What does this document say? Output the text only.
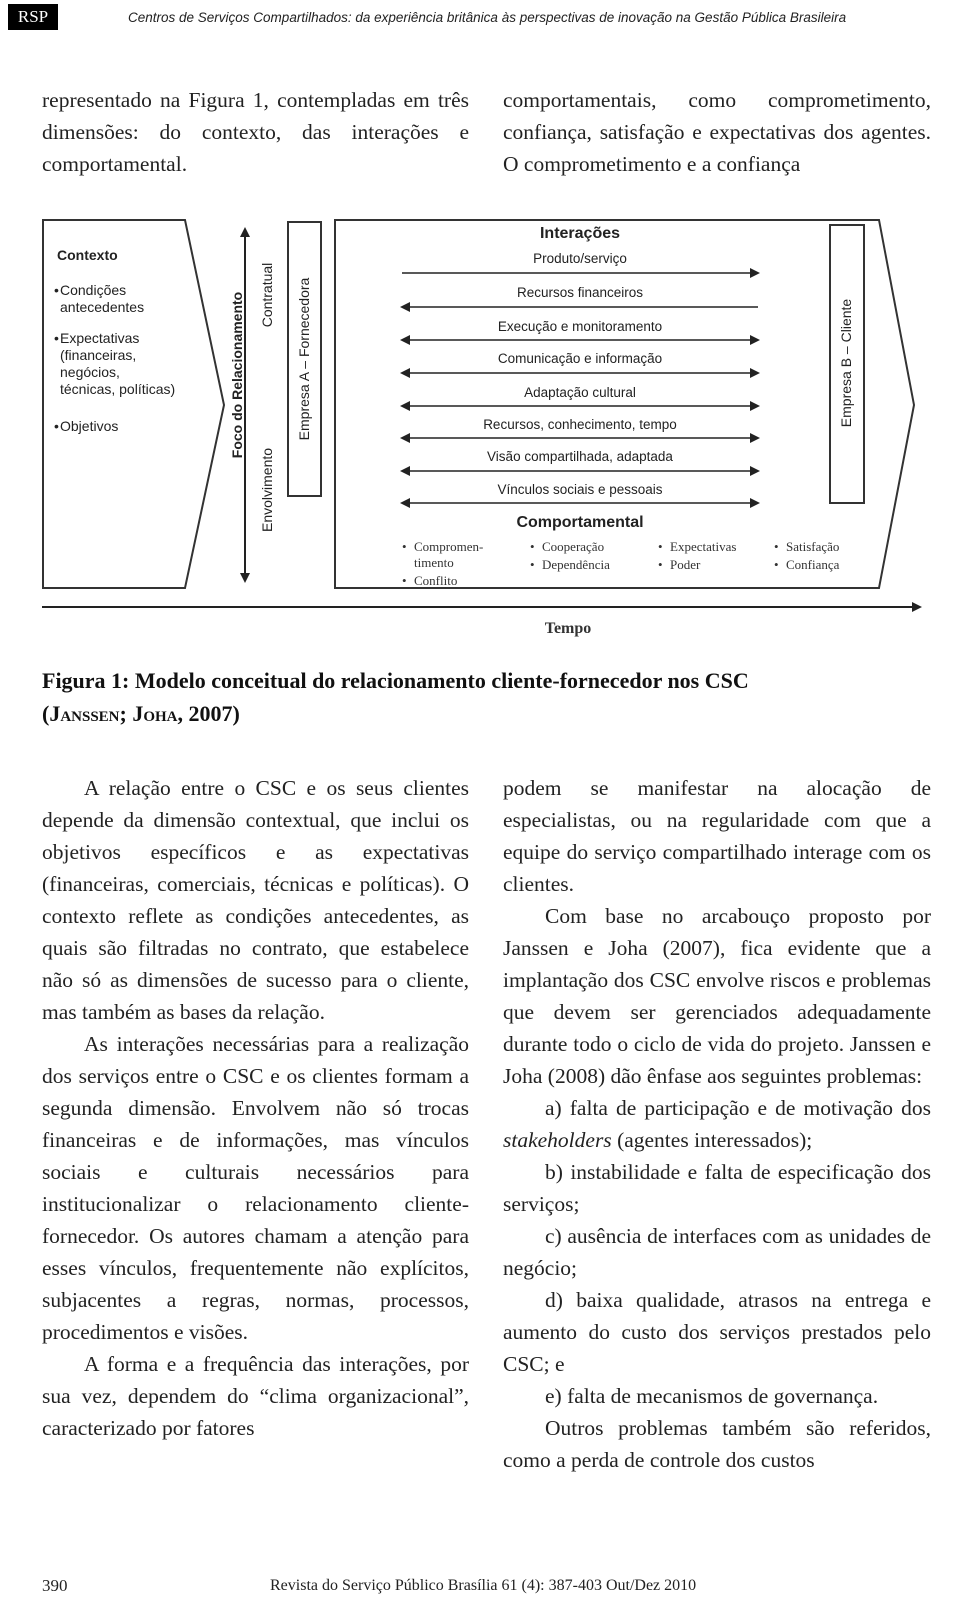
RSP	Centros de Serviços Compartilhados: da experiência britânica às perspectivas de inovação na Gestão Pública Brasileira

representado na Figura 1, contempladas em três dimensões: do contexto, das interações e comportamental.

comportamentais, como comprometimento, confiança, satisfação e expectativas dos agentes. O comprometimento e a confiança

Contexto
• Condições
antecedentes
• Expectativas
(financeiras,
negócios,
técnicas, políticas)
• Objetivos	Foco do Relacionamento Contratual
Envolvimento
Empresa A – Fornecedora
Interações
Produto/serviço
Recursos financeiros
Execução e monitoramento
Comunicação e informação
Adaptação cultural
Recursos, conhecimento, tempo
Visão compartilhada, adaptada
Vínculos sociais e pessoais
Comportamental
• Compromen-
timento
• Conflito
• Cooperação
• Dependência
• Expectativas
• Poder
• Satisfação
• Confiança
Empresa B – Cliente
Tempo
Figura 1: Modelo conceitual do relacionamento cliente-fornecedor nos CSC
(Janssen; Joha, 2007)

A relação entre o CSC e os seus clientes depende da dimensão contextual, que inclui os objetivos específicos e as expectativas (financeiras, comerciais, técnicas e políticas). O contexto reflete as condições antecedentes, as quais são filtradas no contrato, que estabelece não só as dimensões de sucesso para o cliente, mas também as bases da relação.

As interações necessárias para a realização dos serviços entre o CSC e os clientes formam a segunda dimensão. Envolvem não só trocas financeiras e de informações, mas vínculos sociais e culturais necessários para institucionalizar o relacionamento cliente-fornecedor. Os autores chamam a atenção para esses vínculos, frequentemente não explícitos, subjacentes a regras, normas, processos, procedimentos e visões.

A forma e a frequência das interações, por sua vez, dependem do “clima organizacional”, caracterizado por fatores

podem se manifestar na alocação de especialistas, ou na regularidade com que a equipe do serviço compartilhado interage com os clientes.

Com base no arcabouço proposto por Janssen e Joha (2007), fica evidente que a implantação dos CSC envolve riscos e problemas que devem ser gerenciados adequadamente durante todo o ciclo de vida do projeto. Janssen e Joha (2008) dão ênfase aos seguintes problemas:

a) falta de participação e de motivação dos stakeholders (agentes interessados);

b) instabilidade e falta de especificação dos serviços;

c) ausência de interfaces com as unidades de negócio;

d) baixa qualidade, atrasos na entrega e aumento do custo dos serviços prestados pelo CSC; e

e) falta de mecanismos de governança.

Outros problemas também são referidos, como a perda de controle dos custos

390	Revista do Serviço Público Brasília 61 (4): 387-403 Out/Dez 2010
